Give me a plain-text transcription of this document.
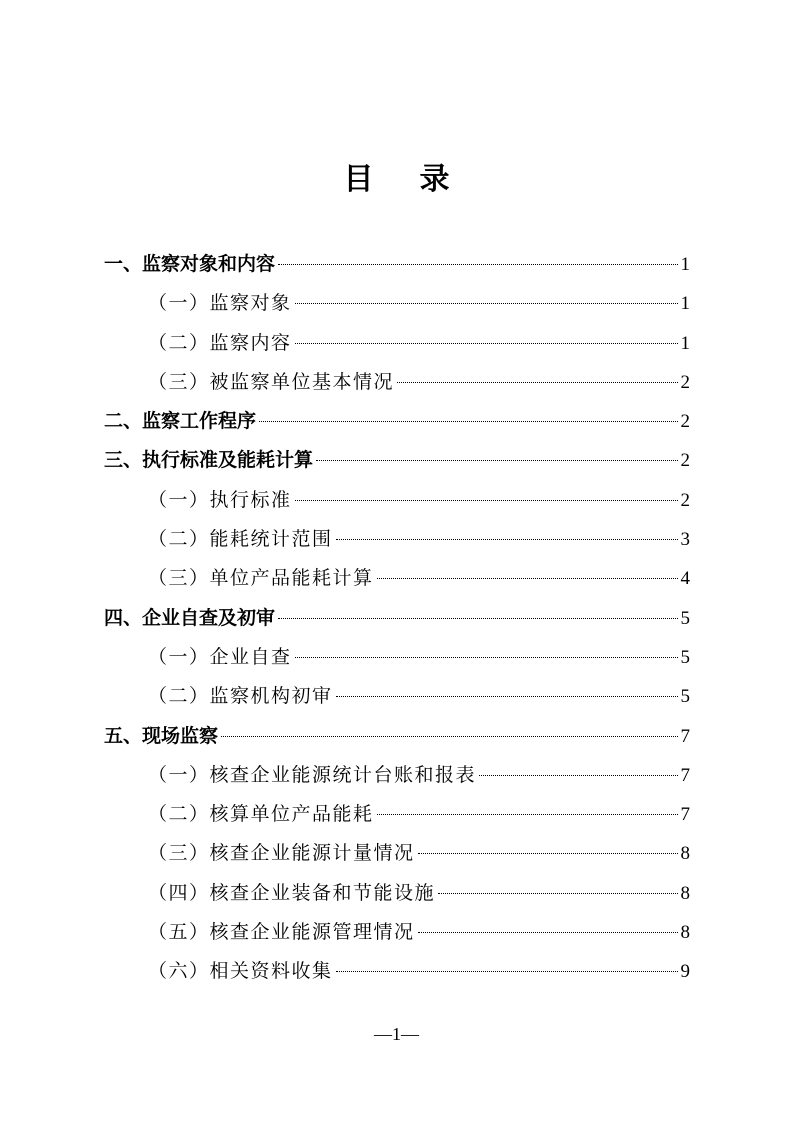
目录
一、监察对象和内容	1
（一）监察对象	1
（二）监察内容	1
（三）被监察单位基本情况	2
二、监察工作程序	2
三、执行标准及能耗计算	2
（一）执行标准	2
（二）能耗统计范围	3
（三）单位产品能耗计算	4
四、企业自查及初审	5
（一）企业自查	5
（二）监察机构初审	5
五、现场监察	7
（一）核查企业能源统计台账和报表	7
（二）核算单位产品能耗	7
（三）核查企业能源计量情况	8
（四）核查企业装备和节能设施	8
（五）核查企业能源管理情况	8
（六）相关资料收集	9
—1—
